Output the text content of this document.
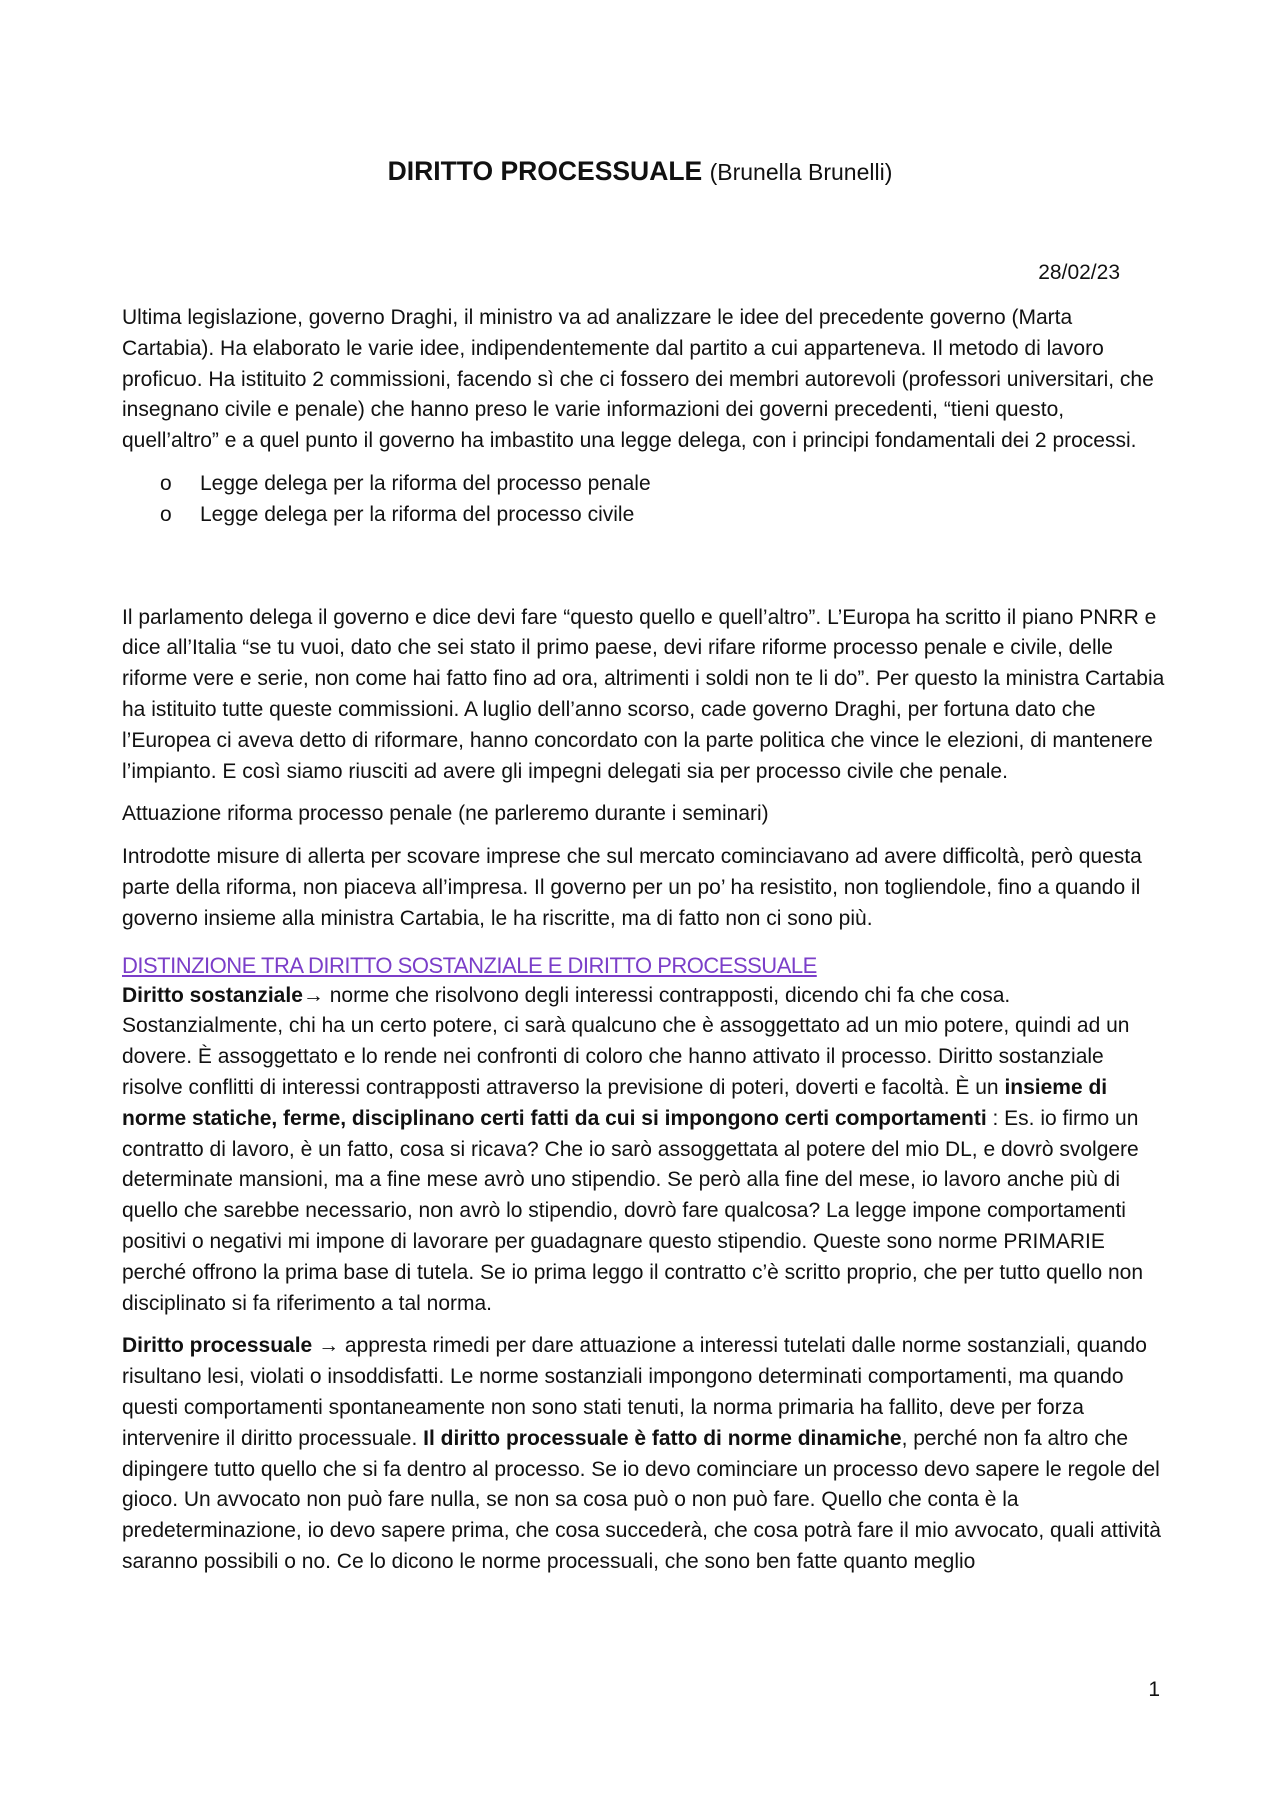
DIRITTO PROCESSUALE (Brunella Brunelli)
28/02/23

Ultima legislazione, governo Draghi, il ministro va ad analizzare le idee del precedente governo (Marta Cartabia). Ha elaborato le varie idee, indipendentemente dal partito a cui apparteneva. Il metodo di lavoro proficuo. Ha istituito 2 commissioni, facendo sì che ci fossero dei membri autorevoli (professori universitari, che insegnano civile e penale) che hanno preso le varie informazioni dei governi precedenti, “tieni questo, quell’altro” e a quel punto il governo ha imbastito una legge delega, con i principi fondamentali dei 2 processi.

o Legge delega per la riforma del processo penale
o Legge delega per la riforma del processo civile

Il parlamento delega il governo e dice devi fare “questo quello e quell’altro”. L’Europa ha scritto il piano PNRR e dice all’Italia “se tu vuoi, dato che sei stato il primo paese, devi rifare riforme processo penale e civile, delle riforme vere e serie, non come hai fatto fino ad ora, altrimenti i soldi non te li do”. Per questo la ministra Cartabia ha istituito tutte queste commissioni. A luglio dell’anno scorso, cade governo Draghi, per fortuna dato che l’Europea ci aveva detto di riformare, hanno concordato con la parte politica che vince le elezioni, di mantenere l’impianto. E così siamo riusciti ad avere gli impegni delegati sia per processo civile che penale.

Attuazione riforma processo penale (ne parleremo durante i seminari)

Introdotte misure di allerta per scovare imprese che sul mercato cominciavano ad avere difficoltà, però questa parte della riforma, non piaceva all’impresa. Il governo per un po’ ha resistito, non togliendole, fino a quando il governo insieme alla ministra Cartabia, le ha riscritte, ma di fatto non ci sono più.

DISTINZIONE TRA DIRITTO SOSTANZIALE E DIRITTO PROCESSUALE

Diritto sostanziale→ norme che risolvono degli interessi contrapposti, dicendo chi fa che cosa. Sostanzialmente, chi ha un certo potere, ci sarà qualcuno che è assoggettato ad un mio potere, quindi ad un dovere. È assoggettato e lo rende nei confronti di coloro che hanno attivato il processo. Diritto sostanziale risolve conflitti di interessi contrapposti attraverso la previsione di poteri, doverti e facoltà. È un insieme di norme statiche, ferme, disciplinano certi fatti da cui si impongono certi comportamenti : Es. io firmo un contratto di lavoro, è un fatto, cosa si ricava? Che io sarò assoggettata al potere del mio DL, e dovrò svolgere determinate mansioni, ma a fine mese avrò uno stipendio. Se però alla fine del mese, io lavoro anche più di quello che sarebbe necessario, non avrò lo stipendio, dovrò fare qualcosa? La legge impone comportamenti positivi o negativi mi impone di lavorare per guadagnare questo stipendio. Queste sono norme PRIMARIE perché offrono la prima base di tutela. Se io prima leggo il contratto c’è scritto proprio, che per tutto quello non disciplinato si fa riferimento a tal norma.

Diritto processuale → appresta rimedi per dare attuazione a interessi tutelati dalle norme sostanziali, quando risultano lesi, violati o insoddisfatti. Le norme sostanziali impongono determinati comportamenti, ma quando questi comportamenti spontaneamente non sono stati tenuti, la norma primaria ha fallito, deve per forza intervenire il diritto processuale. Il diritto processuale è fatto di norme dinamiche, perché non fa altro che dipingere tutto quello che si fa dentro al processo. Se io devo cominciare un processo devo sapere le regole del gioco. Un avvocato non può fare nulla, se non sa cosa può o non può fare. Quello che conta è la predeterminazione, io devo sapere prima, che cosa succederà, che cosa potrà fare il mio avvocato, quali attività saranno possibili o no. Ce lo dicono le norme processuali, che sono ben fatte quanto meglio

1
